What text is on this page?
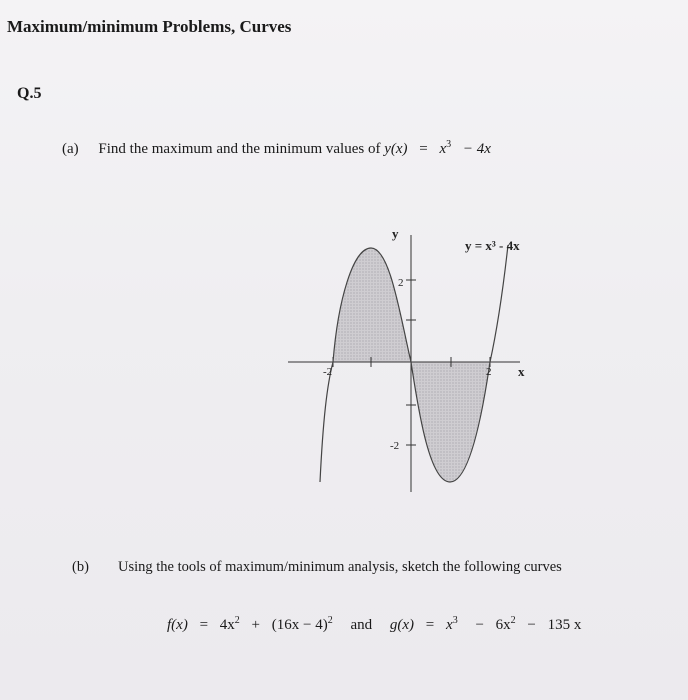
Maximum/minimum Problems, Curves
Q.5
(a) Find the maximum and the minimum values of $y(x) = x^3 - 4x$
y
y = x³ - 4x
2
-2
-2	2 x
(b) Using the tools of maximum/minimum analysis, sketch the following curves
$f(x) = 4x^2 + (16x - 4)^2$ and $g(x) = x^3 - 6x^2 - 135$ x
